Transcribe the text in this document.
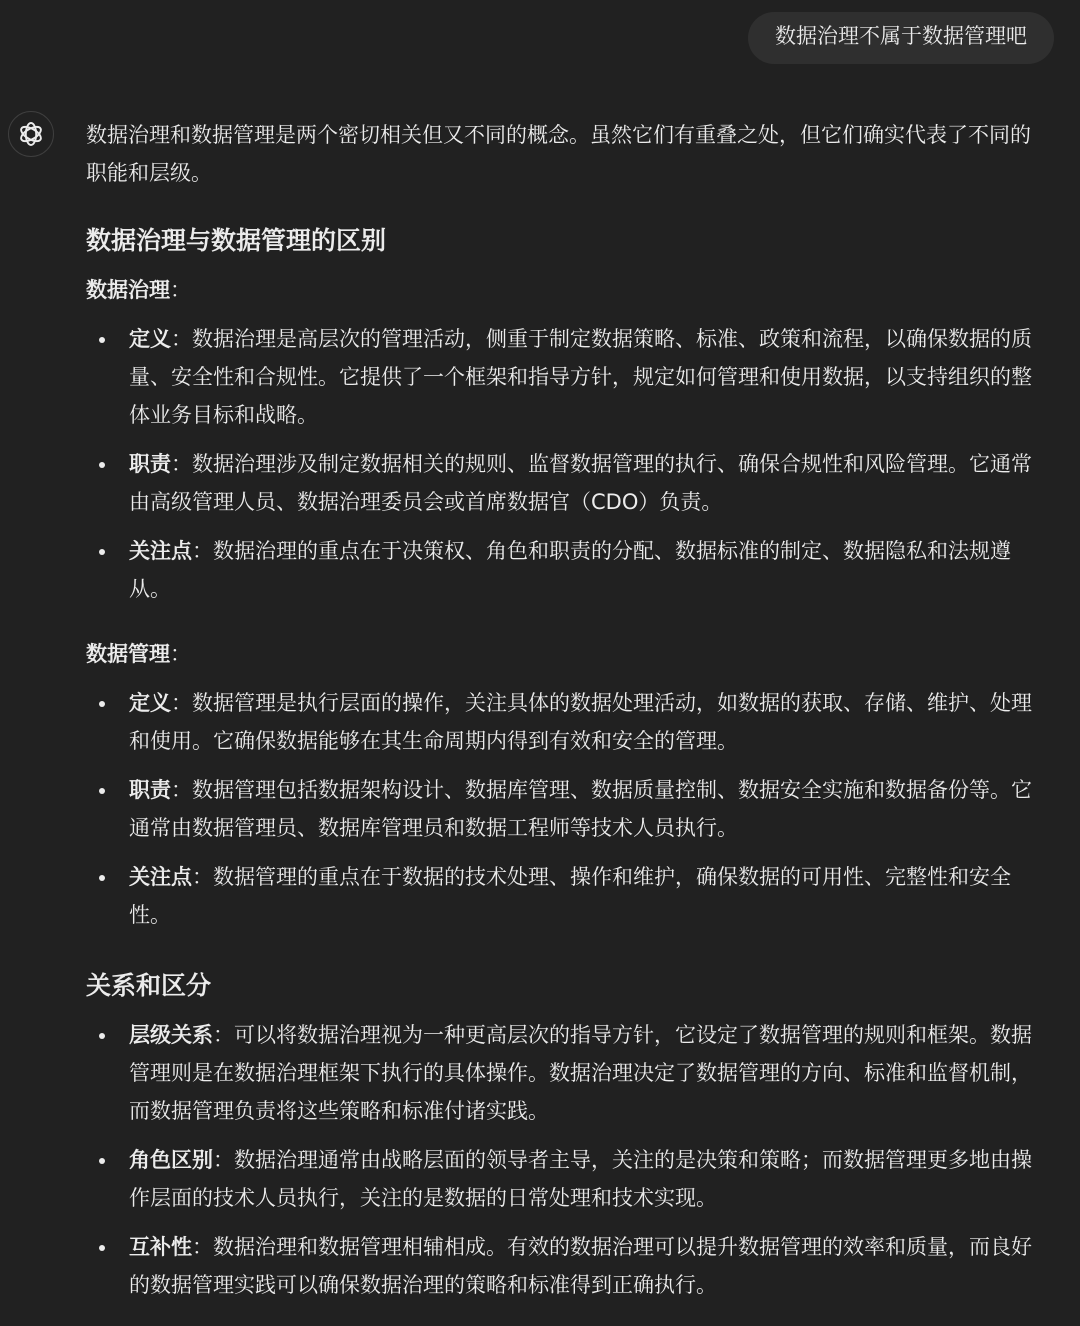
数据治理不属于数据管理吧

数据治理和数据管理是两个密切相关但又不同的概念。虽然它们有重叠之处，但它们确实代表了不同的职能和层级。

数据治理与数据管理的区别
数据治理：
定义：数据治理是高层次的管理活动，侧重于制定数据策略、标准、政策和流程，以确保数据的质量、安全性和合规性。它提供了一个框架和指导方针，规定如何管理和使用数据，以支持组织的整体业务目标和战略。
职责：数据治理涉及制定数据相关的规则、监督数据管理的执行、确保合规性和风险管理。它通常由高级管理人员、数据治理委员会或首席数据官（CDO）负责。
关注点：数据治理的重点在于决策权、角色和职责的分配、数据标准的制定、数据隐私和法规遵从。
数据管理：
定义：数据管理是执行层面的操作，关注具体的数据处理活动，如数据的获取、存储、维护、处理和使用。它确保数据能够在其生命周期内得到有效和安全的管理。
职责：数据管理包括数据架构设计、数据库管理、数据质量控制、数据安全实施和数据备份等。它通常由数据管理员、数据库管理员和数据工程师等技术人员执行。
关注点：数据管理的重点在于数据的技术处理、操作和维护，确保数据的可用性、完整性和安全性。
关系和区分
层级关系：可以将数据治理视为一种更高层次的指导方针，它设定了数据管理的规则和框架。数据管理则是在数据治理框架下执行的具体操作。数据治理决定了数据管理的方向、标准和监督机制，而数据管理负责将这些策略和标准付诸实践。
角色区别：数据治理通常由战略层面的领导者主导，关注的是决策和策略；而数据管理更多地由操作层面的技术人员执行，关注的是数据的日常处理和技术实现。
互补性：数据治理和数据管理相辅相成。有效的数据治理可以提升数据管理的效率和质量，而良好的数据管理实践可以确保数据治理的策略和标准得到正确执行。
